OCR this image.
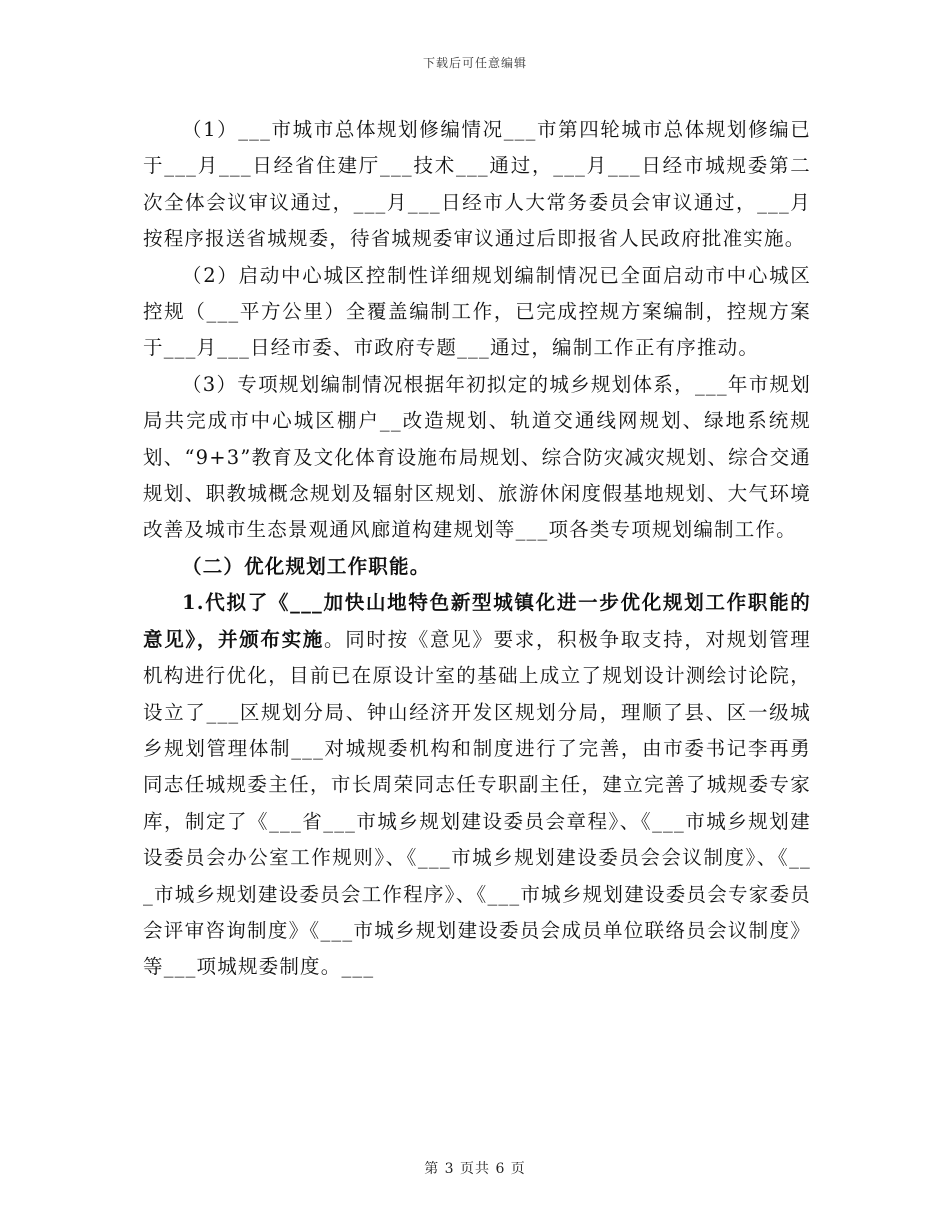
下载后可任意编辑

（1）___市城市总体规划修编情况___市第四轮城市总体规划修编已于___月___日经省住建厅___技术___通过，___月___日经市城规委第二次全体会议审议通过，___月___日经市人大常务委员会审议通过，___月按程序报送省城规委，待省城规委审议通过后即报省人民政府批准实施。

（2）启动中心城区控制性详细规划编制情况已全面启动市中心城区控规（___平方公里）全覆盖编制工作，已完成控规方案编制，控规方案于___月___日经市委、市政府专题___通过，编制工作正有序推动。

（3）专项规划编制情况根据年初拟定的城乡规划体系，___年市规划局共完成市中心城区棚户__改造规划、轨道交通线网规划、绿地系统规划、“9+3”教育及文化体育设施布局规划、综合防灾减灾规划、综合交通规划、职教城概念规划及辐射区规划、旅游休闲度假基地规划、大气环境改善及城市生态景观通风廊道构建规划等___项各类专项规划编制工作。

（二）优化规划工作职能。

1.代拟了《___加快山地特色新型城镇化进一步优化规划工作职能的意见》，并颁布实施。同时按《意见》要求，积极争取支持，对规划管理机构进行优化，目前已在原设计室的基础上成立了规划设计测绘讨论院，设立了___区规划分局、钟山经济开发区规划分局，理顺了县、区一级城乡规划管理体制___对城规委机构和制度进行了完善，由市委书记李再勇同志任城规委主任，市长周荣同志任专职副主任，建立完善了城规委专家库，制定了《___省___市城乡规划建设委员会章程》、《___市城乡规划建设委员会办公室工作规则》、《___市城乡规划建设委员会会议制度》、《___市城乡规划建设委员会工作程序》、《___市城乡规划建设委员会专家委员会评审咨询制度》《___市城乡规划建设委员会成员单位联络员会议制度》等___项城规委制度。___

第 3 页共 6 页
